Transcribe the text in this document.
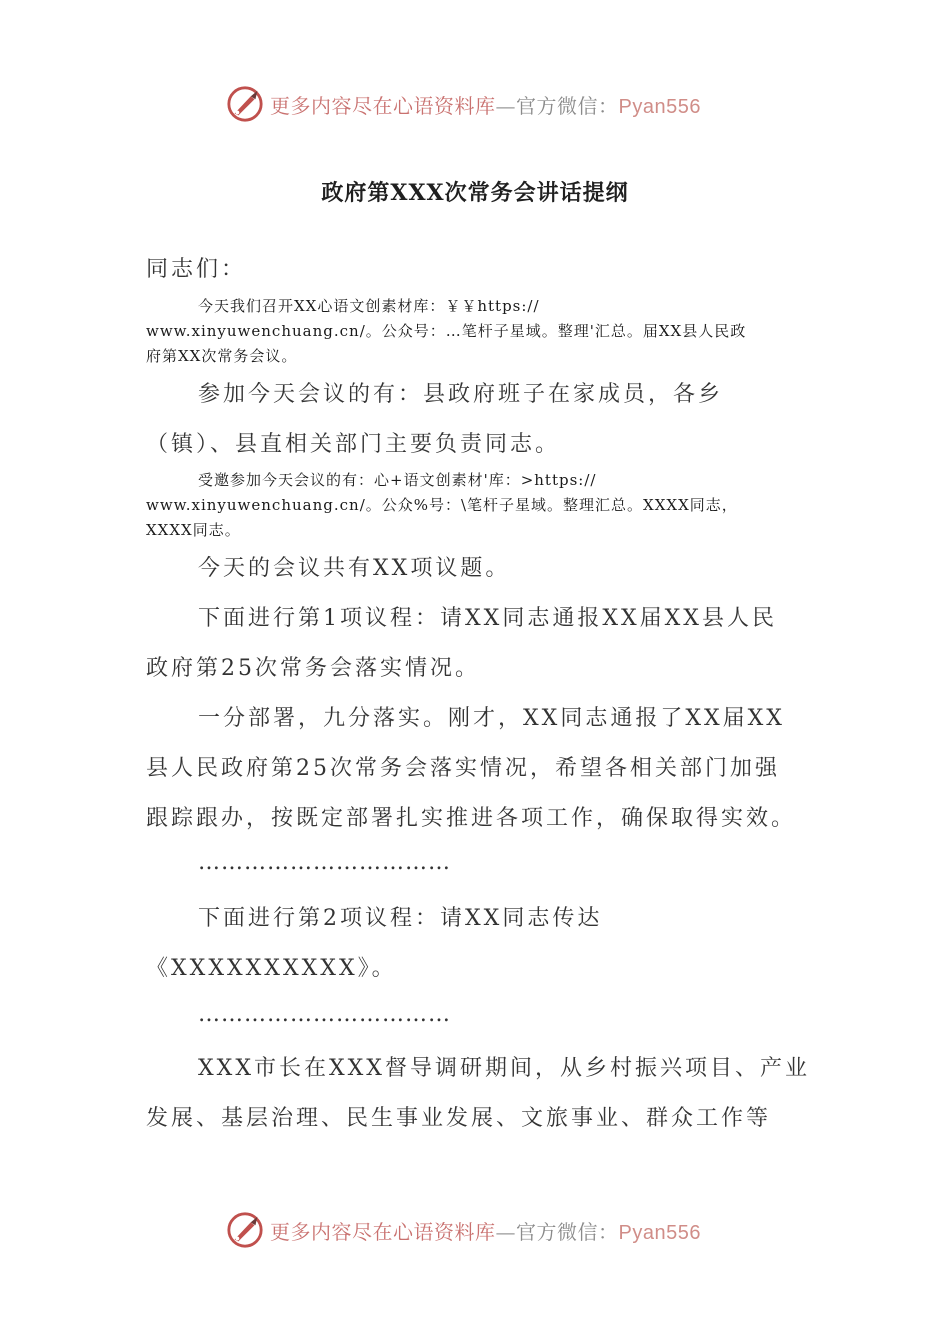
更多内容尽在心语资料库—官方微信：Pyan556
政府第XXX次常务会讲话提纲
同志们：
今天我们召开XX心语文创素材库：￥￥https://
www.xinyuwenchuang.cn/。公众号：…笔杆子星域。整理'汇总。届XX县人民政
府第XX次常务会议。
参加今天会议的有：县政府班子在家成员，各乡
（镇）、县直相关部门主要负责同志。
受邀参加今天会议的有：心+语文创素材'库：>https://
www.xinyuwenchuang.cn/。公众%号：\笔杆子星域。整理汇总。XXXX同志，
XXXX同志。
今天的会议共有XX项议题。
下面进行第1项议程：请XX同志通报XX届XX县人民
政府第25次常务会落实情况。
一分部署，九分落实。刚才，XX同志通报了XX届XX
县人民政府第25次常务会落实情况，希望各相关部门加强
跟踪跟办，按既定部署扎实推进各项工作，确保取得实效。
……………………………
下面进行第2项议程：请XX同志传达
《XXXXXXXXXX》。
……………………………
XXX市长在XXX督导调研期间，从乡村振兴项目、产业
发展、基层治理、民生事业发展、文旅事业、群众工作等
更多内容尽在心语资料库—官方微信：Pyan556
